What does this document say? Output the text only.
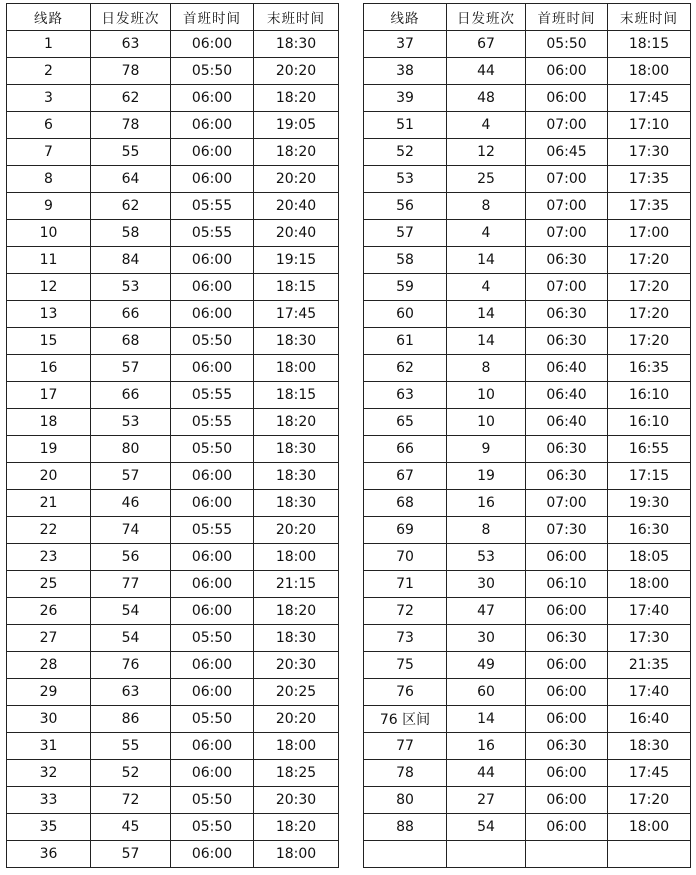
线路	日发班次	首班时间	末班时间
1	63	06:00	18:30
2	78	05:50	20:20
3	62	06:00	18:20
6	78	06:00	19:05
7	55	06:00	18:20
8	64	06:00	20:20
9	62	05:55	20:40
10	58	05:55	20:40
11	84	06:00	19:15
12	53	06:00	18:15
13	66	06:00	17:45
15	68	05:50	18:30
16	57	06:00	18:00
17	66	05:55	18:15
18	53	05:55	18:20
19	80	05:50	18:30
20	57	06:00	18:30
21	46	06:00	18:30
22	74	05:55	20:20
23	56	06:00	18:00
25	77	06:00	21:15
26	54	06:00	18:20
27	54	05:50	18:30
28	76	06:00	20:30
29	63	06:00	20:25
30	86	05:50	20:20
31	55	06:00	18:00
32	52	06:00	18:25
33	72	05:50	20:30
35	45	05:50	18:20
36	57	06:00	18:00
线路	日发班次	首班时间	末班时间
37	67	05:50	18:15
38	44	06:00	18:00
39	48	06:00	17:45
51	4	07:00	17:10
52	12	06:45	17:30
53	25	07:00	17:35
56	8	07:00	17:35
57	4	07:00	17:00
58	14	06:30	17:20
59	4	07:00	17:20
60	14	06:30	17:20
61	14	06:30	17:20
62	8	06:40	16:35
63	10	06:40	16:10
65	10	06:40	16:10
66	9	06:30	16:55
67	19	06:30	17:15
68	16	07:00	19:30
69	8	07:30	16:30
70	53	06:00	18:05
71	30	06:10	18:00
72	47	06:00	17:40
73	30	06:30	17:30
75	49	06:00	21:35
76	60	06:00	17:40
76 区间	14	06:00	16:40
77	16	06:30	18:30
78	44	06:00	17:45
80	27	06:00	17:20
88	54	06:00	18:00
